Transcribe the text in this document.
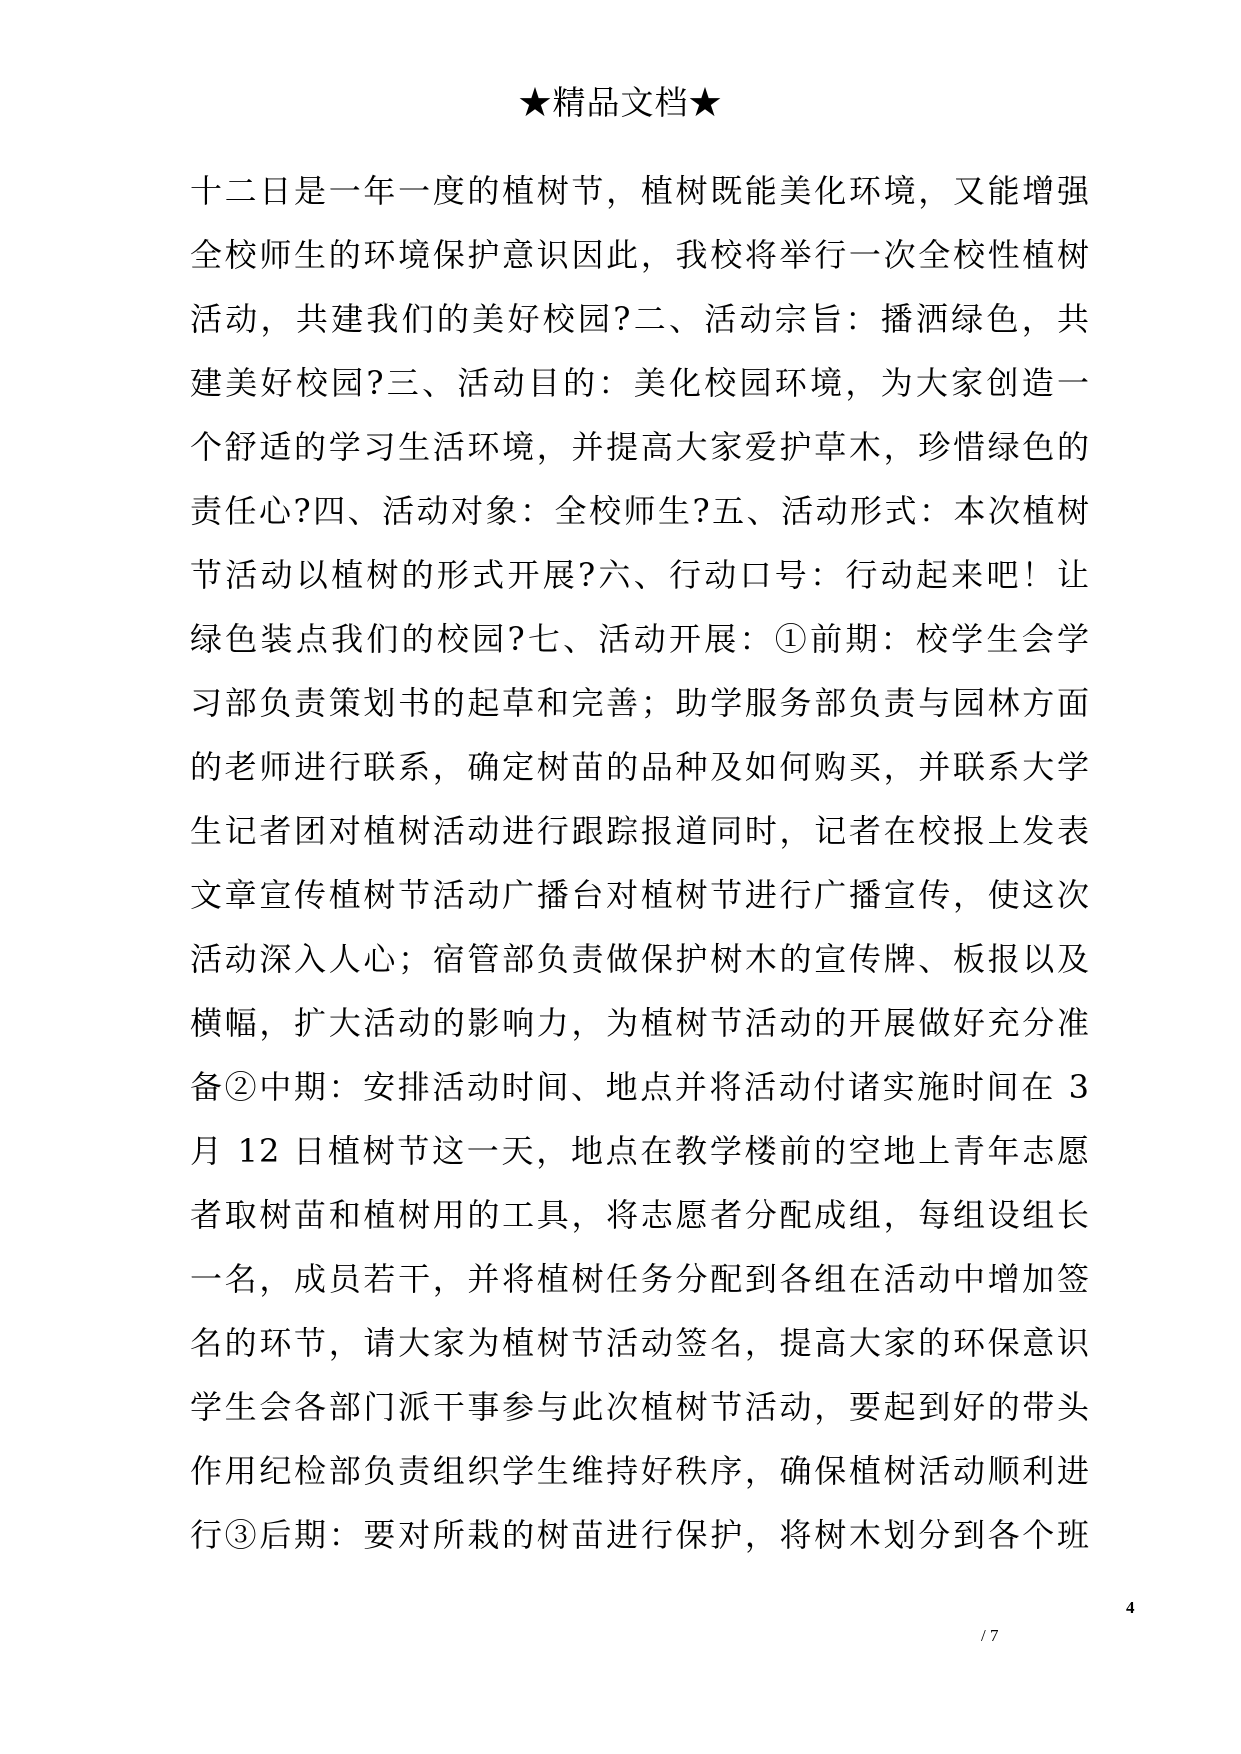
★精品文档★
十二日是一年一度的植树节，植树既能美化环境，又能增强
全校师生的环境保护意识因此，我校将举行一次全校性植树
活动，共建我们的美好校园?二、活动宗旨：播洒绿色，共
建美好校园?三、活动目的：美化校园环境，为大家创造一
个舒适的学习生活环境，并提高大家爱护草木，珍惜绿色的
责任心?四、活动对象：全校师生?五、活动形式：本次植树
节活动以植树的形式开展?六、行动口号：行动起来吧！让
绿色装点我们的校园?七、活动开展：①前期：校学生会学
习部负责策划书的起草和完善；助学服务部负责与园林方面
的老师进行联系，确定树苗的品种及如何购买，并联系大学
生记者团对植树活动进行跟踪报道同时，记者在校报上发表
文章宣传植树节活动广播台对植树节进行广播宣传，使这次
活动深入人心；宿管部负责做保护树木的宣传牌、板报以及
横幅，扩大活动的影响力，为植树节活动的开展做好充分准
备②中期：安排活动时间、地点并将活动付诸实施时间在 3
月 12 日植树节这一天，地点在教学楼前的空地上青年志愿
者取树苗和植树用的工具，将志愿者分配成组，每组设组长
一名，成员若干，并将植树任务分配到各组在活动中增加签
名的环节，请大家为植树节活动签名，提高大家的环保意识
学生会各部门派干事参与此次植树节活动，要起到好的带头
作用纪检部负责组织学生维持好秩序，确保植树活动顺利进
行③后期：要对所栽的树苗进行保护，将树木划分到各个班
4
/ 7
